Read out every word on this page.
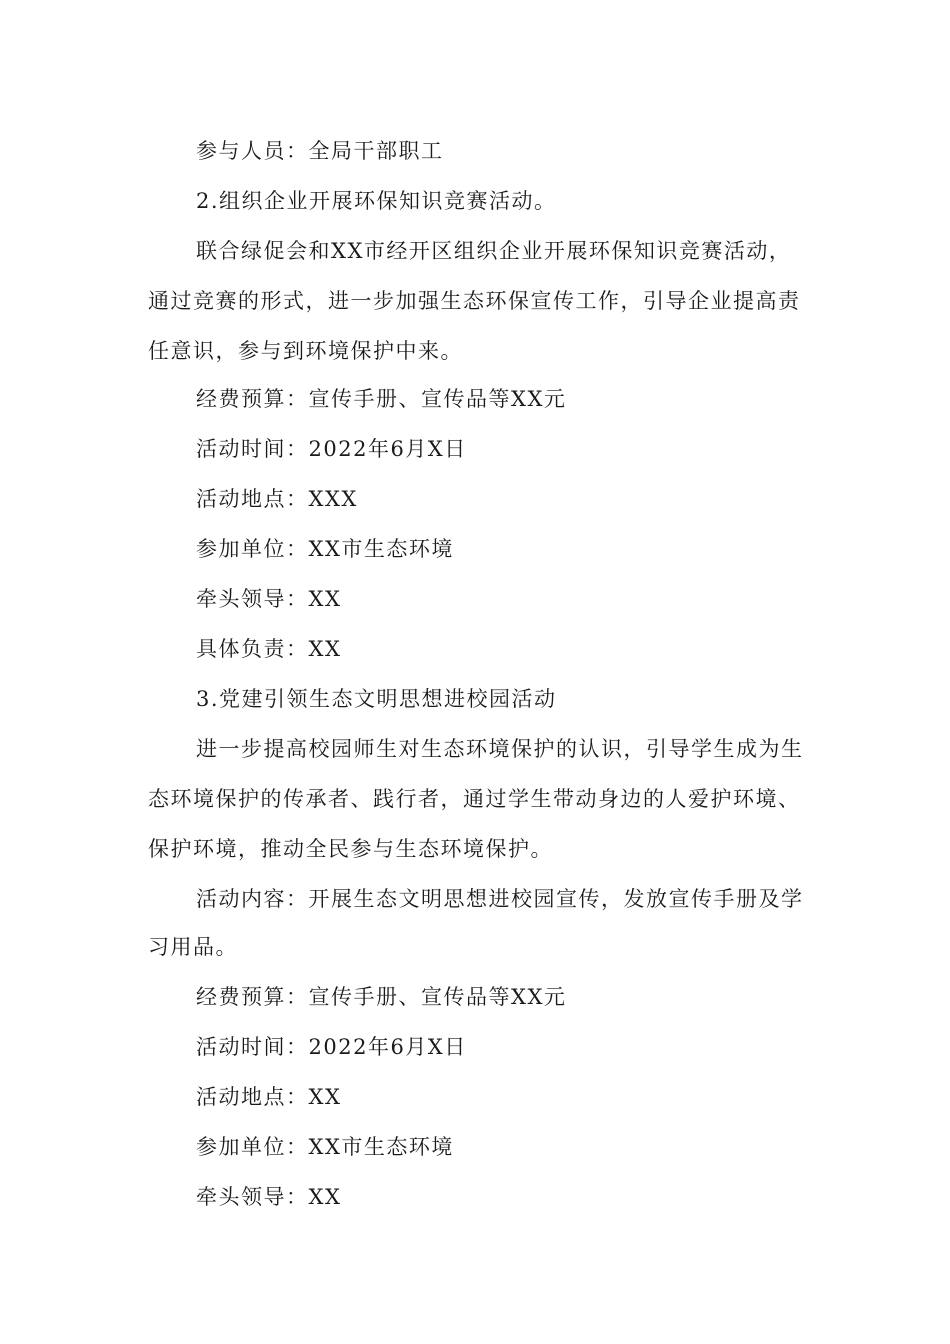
参与人员：全局干部职工
2.组织企业开展环保知识竞赛活动。
联合绿促会和XX市经开区组织企业开展环保知识竞赛活动，
通过竞赛的形式，进一步加强生态环保宣传工作，引导企业提高责
任意识，参与到环境保护中来。
经费预算：宣传手册、宣传品等XX元
活动时间：2022年6月X日
活动地点：XXX
参加单位：XX市生态环境
牵头领导：XX
具体负责：XX
3.党建引领生态文明思想进校园活动
进一步提高校园师生对生态环境保护的认识，引导学生成为生
态环境保护的传承者、践行者，通过学生带动身边的人爱护环境、
保护环境，推动全民参与生态环境保护。
活动内容：开展生态文明思想进校园宣传，发放宣传手册及学
习用品。
经费预算：宣传手册、宣传品等XX元
活动时间：2022年6月X日
活动地点：XX
参加单位：XX市生态环境
牵头领导：XX
